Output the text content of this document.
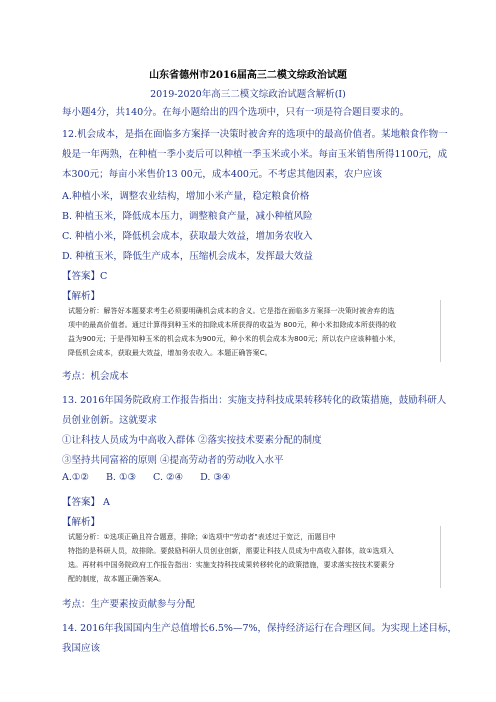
山东省德州市2016届高三二模文综政治试题
2019-2020年高三二模文综政治试题含解析(I)
每小题4分，共140分。在每小题给出的四个选项中，只有一项是符合题目要求的。
12.机会成本，是指在面临多方案择一决策时被舍弃的选项中的最高价值者。某地粮食作物一
般是一年两熟，在种植一季小麦后可以种植一季玉米或小米。每亩玉米销售所得1100元，成
本300元；每亩小米售价13 00元，成本400元。不考虑其他因素，农户应该
A.种植小米，调整农业结构，增加小米产量，稳定粮食价格
B. 种植玉米，降低成本压力，调整粮食产量，减小种植风险
C. 种植小米，降低机会成本，获取最大效益，增加务农收入
D. 种植玉米，降低生产成本，压缩机会成本，发挥最大效益
【答案】C
【解析】
试题分析：解答好本题要求考生必须要明确机会成本的含义。它是指在面临多方案择一决策时被舍弃的选
项中的最高价值者。通过计算得到种玉米的扣除成本所获得的收益为 800元，种小米扣除成本所获得的收
益为900元；于是得知种玉米的机会成本为900元，种小米的机会成本为800元；所以农户应该种植小米，
降低机会成本，获取最大效益，增加务农收入。本题正确答案C。
考点：机会成本
13. 2016年国务院政府工作报告指出：实施支持科技成果转移转化的政策措施，鼓励科研人
员创业创新。这就要求
①让科技人员成为中高收入群体 ②落实按技术要素分配的制度
③坚持共同富裕的原则 ④提高劳动者的劳动收入水平
A.①② B. ①③ C. ②④ D. ③④
【答案】 A
【解析】
试题分析：①选项正确且符合题意，排除；④选项中"劳动者"表述过于宽泛，而题目中
特指的是科研人员，故排除。要鼓励科研人员创业创新，需要让科技人员成为中高收入群体，故①选项入
选。再材料中国务院政府工作报告指出：实施支持科技成果转移转化的政策措施，要求落实按技术要素分
配的制度，故本题正确答案A。
考点：生产要素按贡献参与分配
14. 2016年我国国内生产总值增长6.5%—7%，保持经济运行在合理区间。为实现上述目标，
我国应该
